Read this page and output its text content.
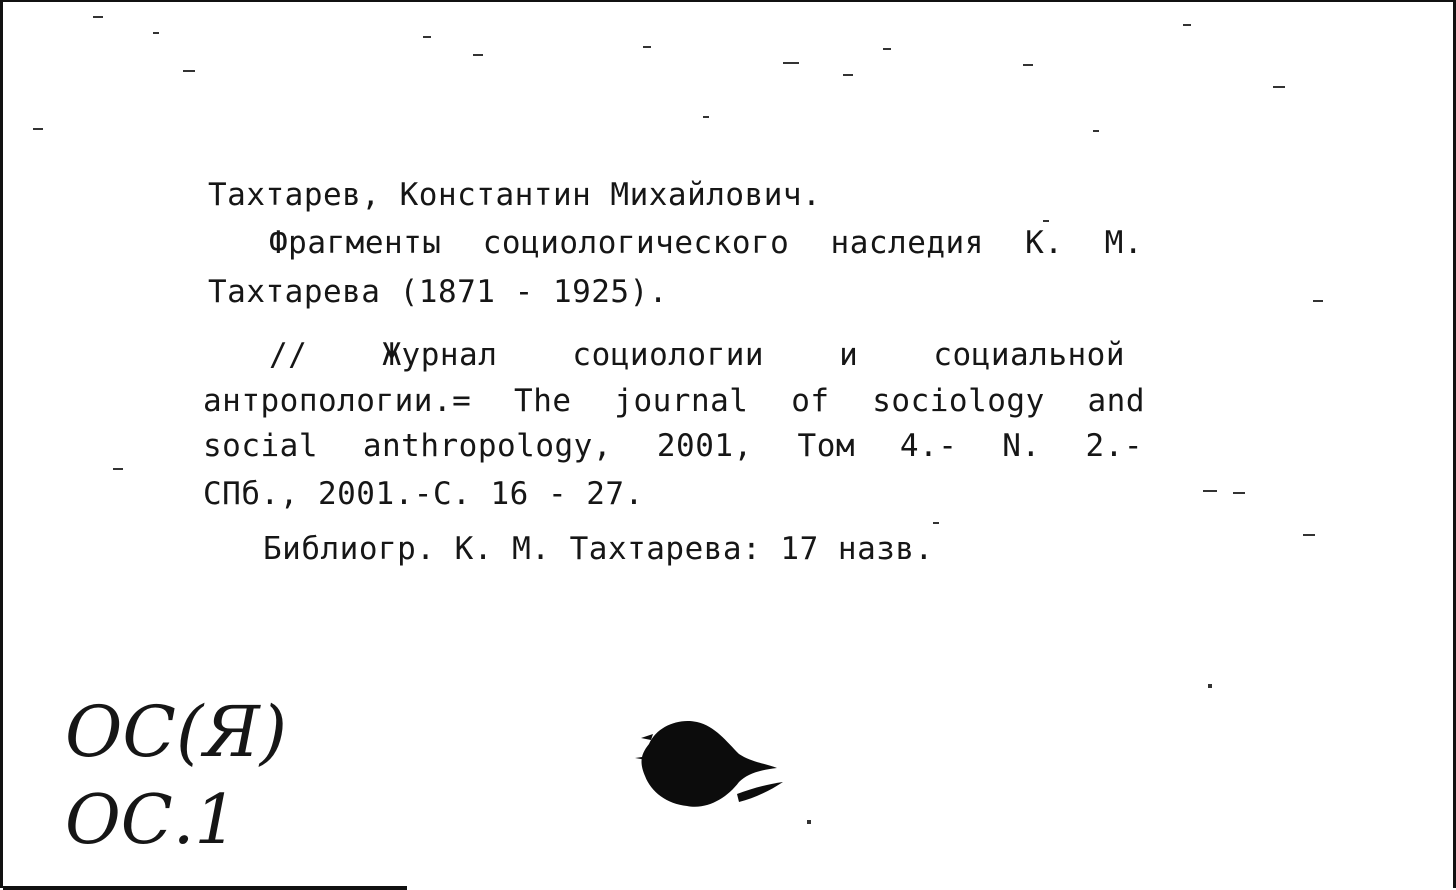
Тахтарев, Константин Михайлович.
Фрагменты социологического наследия К. М.
Тахтарева (1871 - 1925).
// Журнал социологии и социальной
антропологии.= The journal of sociology and
social anthropology, 2001, Том 4.- N. 2.-
СПб., 2001.-С. 16 - 27.
Библиогр. К. М. Тахтарева: 17 назв.
ОС(Я)
ОС.1
